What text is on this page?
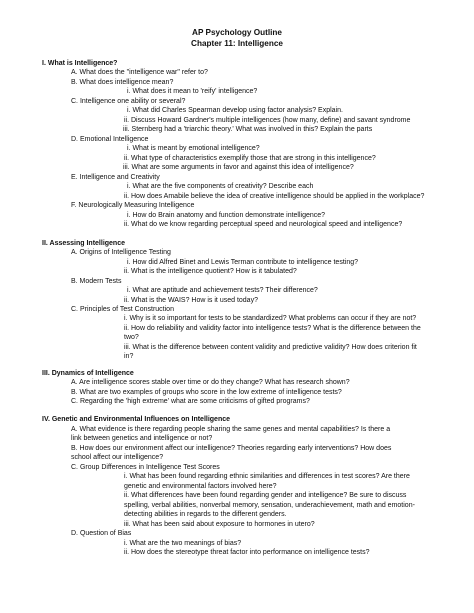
AP Psychology Outline
Chapter 11: Intelligence
I. What is Intelligence?
A. What does the "intelligence war" refer to?
B. What does intelligence mean?
i. What does it mean to 'reify' intelligence?
C. Intelligence one ability or several?
i. What did Charles Spearman develop using factor analysis? Explain.
ii. Discuss Howard Gardner's multiple intelligences (how many, define) and savant syndrome
iii. Sternberg had a 'triarchic theory.' What was involved in this? Explain the parts
D. Emotional Intelligence
i. What is meant by emotional intelligence?
ii. What type of characteristics exemplify those that are strong in this intelligence?
iii. What are some arguments in favor and against this idea of intelligence?
E. Intelligence and Creativity
i. What are the five components of creativity? Describe each
ii. How does Amabile believe the idea of creative intelligence should be applied in the workplace?
F. Neurologically Measuring Intelligence
i. How do Brain anatomy and function demonstrate intelligence?
ii. What do we know regarding perceptual speed and neurological speed and intelligence?
II. Assessing Intelligence
A. Origins of Intelligence Testing
i. How did Alfred Binet and Lewis Terman contribute to intelligence testing?
ii. What is the intelligence quotient? How is it tabulated?
B. Modern Tests
i. What are aptitude and achievement tests? Their difference?
ii. What is the WAIS? How is it used today?
C. Principles of Test Construction
i. Why is it so important for tests to be standardized? What problems can occur if they are not?
ii. How do reliability and validity factor into intelligence tests? What is the difference between the
two?
iii. What is the difference between content validity and predictive validity? How does criterion fit
in?
III. Dynamics of Intelligence
A. Are intelligence scores stable over time or do they change? What has research shown?
B. What are two examples of groups who score in the low extreme of intelligence tests?
C. Regarding the 'high extreme' what are some criticisms of gifted programs?
IV. Genetic and Environmental Influences on Intelligence
A. What evidence is there regarding people sharing the same genes and mental capabilities? Is there a
link between genetics and intelligence or not?
B. How does our environment affect our intelligence? Theories regarding early interventions? How does
school affect our intelligence?
C. Group Differences in Intelligence Test Scores
i. What has been found regarding ethnic similarities and differences in test scores? Are there
genetic and environmental factors involved here?
ii. What differences have been found regarding gender and intelligence? Be sure to discuss
spelling, verbal abilities, nonverbal memory, sensation, underachievement, math and emotion-
detecting abilities in regards to the different genders.
iii. What has been said about exposure to hormones in utero?
D. Question of Bias
i. What are the two meanings of bias?
ii. How does the stereotype threat factor into performance on intelligence tests?
